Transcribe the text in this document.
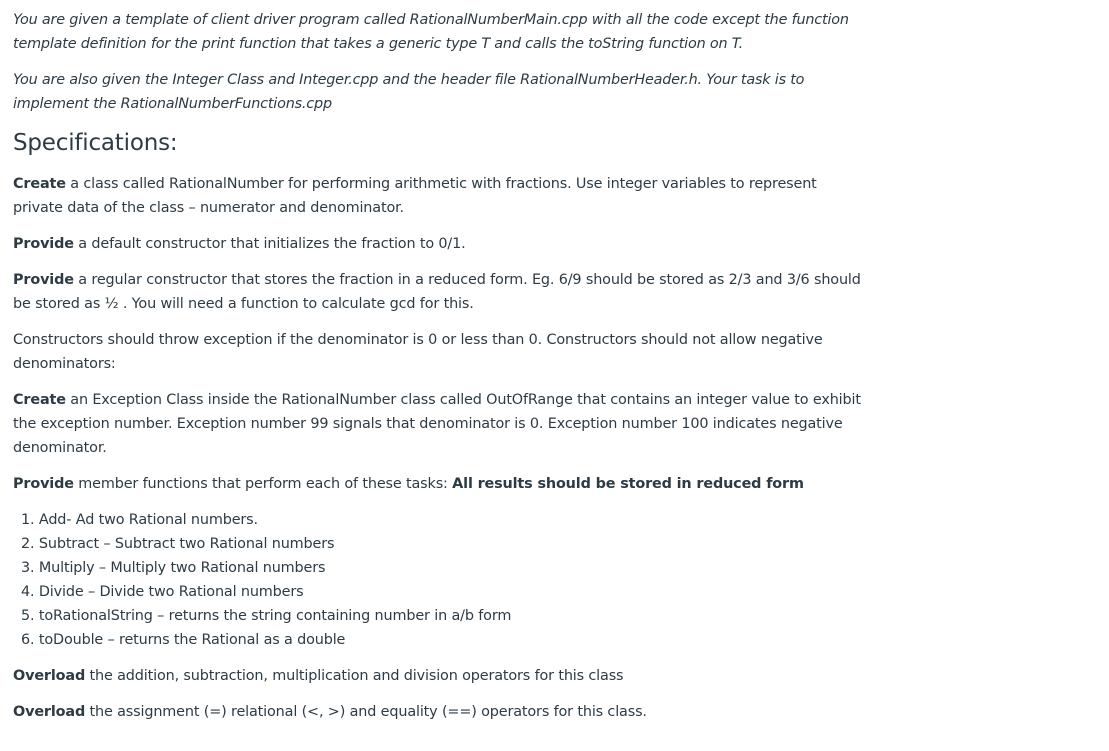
You are given a template of client driver program called RationalNumberMain.cpp with all the code except the function template definition for the print function that takes a generic type T and calls the toString function on T.

You are also given the Integer Class and Integer.cpp and the header file RationalNumberHeader.h. Your task is to implement the RationalNumberFunctions.cpp

Specifications:

Create a class called RationalNumber for performing arithmetic with fractions. Use integer variables to represent private data of the class – numerator and denominator.

Provide a default constructor that initializes the fraction to 0/1.

Provide a regular constructor that stores the fraction in a reduced form. Eg. 6/9 should be stored as 2/3 and 3/6 should be stored as ½ . You will need a function to calculate gcd for this.

Constructors should throw exception if the denominator is 0 or less than 0. Constructors should not allow negative denominators:

Create an Exception Class inside the RationalNumber class called OutOfRange that contains an integer value to exhibit the exception number. Exception number 99 signals that denominator is 0. Exception number 100 indicates negative denominator.

Provide member functions that perform each of these tasks: All results should be stored in reduced form

1 . Add- Ad two Rational numbers.
2 . Subtract – Subtract two Rational numbers
3 . Multiply – Multiply two Rational numbers
4 . Divide – Divide two Rational numbers
5 . toRationalString – returns the string containing number in a/b form
6 . toDouble – returns the Rational as a double

Overload the addition, subtraction, multiplication and division operators for this class

Overload the assignment (=) relational (<, >) and equality (==) operators for this class.
